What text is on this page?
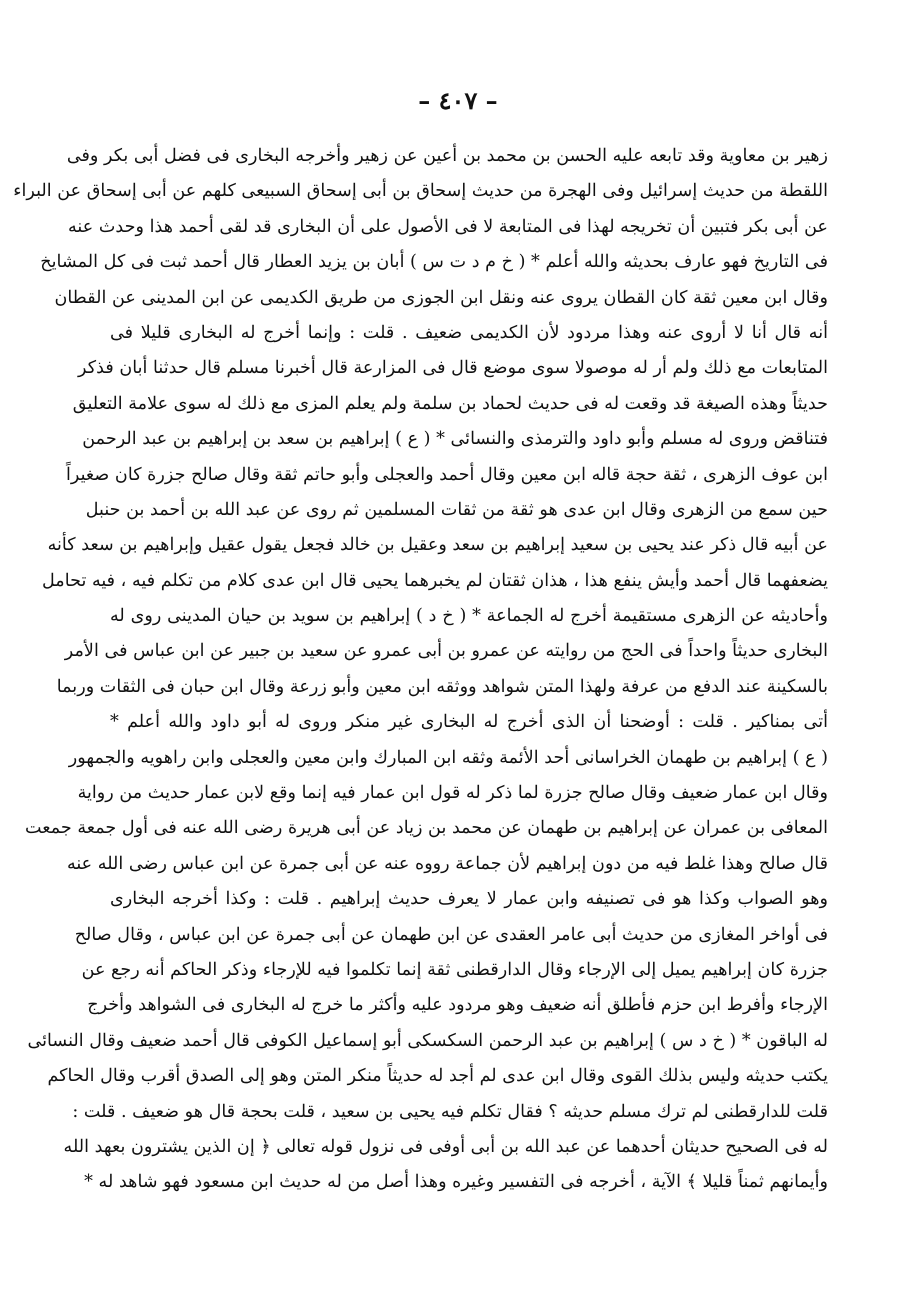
– ٤٠٧ –
زهير بن معاوية وقد تابعه عليه الحسن بن محمد بن أعين عن زهير وأخرجه البخارى فى فضل أبى بكر وفى
اللقطة من حديث إسرائيل وفى الهجرة من حديث إسحاق بن أبى إسحاق السبيعى كلهم عن أبى إسحاق عن البراء
عن أبى بكر فتبين أن تخريجه لهذا فى المتابعة لا فى الأصول على أن البخارى قد لقى أحمد هذا وحدث عنه
فى التاريخ فهو عارف بحديثه والله أعلم * ( خ م د ت س ) أبان بن يزيد العطار قال أحمد ثبت فى كل المشايخ
وقال ابن معين ثقة كان القطان يروى عنه ونقل ابن الجوزى من طريق الكديمى عن ابن المدينى عن القطان
أنه قال أنا لا أروى عنه وهذا مردود لأن الكديمى ضعيف . قلت : وإنما أخرج له البخارى قليلا فى
المتابعات مع ذلك ولم أر له موصولا سوى موضع قال فى المزارعة قال أخبرنا مسلم قال حدثنا أبان فذكر
حديثاً وهذه الصيغة قد وقعت له فى حديث لحماد بن سلمة ولم يعلم المزى مع ذلك له سوى علامة التعليق
فتناقض وروى له مسلم وأبو داود والترمذى والنسائى * ( ع ) إبراهيم بن سعد بن إبراهيم بن عبد الرحمن
ابن عوف الزهرى ، ثقة حجة قاله ابن معين وقال أحمد والعجلى وأبو حاتم ثقة وقال صالح جزرة كان صغيراً
حين سمع من الزهرى وقال ابن عدى هو ثقة من ثقات المسلمين ثم روى عن عبد الله بن أحمد بن حنبل
عن أبيه قال ذكر عند يحيى بن سعيد إبراهيم بن سعد وعقيل بن خالد فجعل يقول عقيل وإبراهيم بن سعد كأنه
يضعفهما قال أحمد وأيش ينفع هذا ، هذان ثقتان لم يخبرهما يحيى قال ابن عدى كلام من تكلم فيه ، فيه تحامل
وأحاديثه عن الزهرى مستقيمة أخرج له الجماعة * ( خ د ) إبراهيم بن سويد بن حيان المدينى روى له
البخارى حديثاً واحداً فى الحج من روايته عن عمرو بن أبى عمرو عن سعيد بن جبير عن ابن عباس فى الأمر
بالسكينة عند الدفع من عرفة ولهذا المتن شواهد ووثقه ابن معين وأبو زرعة وقال ابن حبان فى الثقات وربما
أتى بمناكير . قلت : أوضحنا أن الذى أخرج له البخارى غير منكر وروى له أبو داود والله أعلم *
( ع ) إبراهيم بن طهمان الخراسانى أحد الأئمة وثقه ابن المبارك وابن معين والعجلى وابن راهويه والجمهور
وقال ابن عمار ضعيف وقال صالح جزرة لما ذكر له قول ابن عمار فيه إنما وقع لابن عمار حديث من رواية
المعافى بن عمران عن إبراهيم بن طهمان عن محمد بن زياد عن أبى هريرة رضى الله عنه فى أول جمعة جمعت
قال صالح وهذا غلط فيه من دون إبراهيم لأن جماعة رووه عنه عن أبى جمرة عن ابن عباس رضى الله عنه
وهو الصواب وكذا هو فى تصنيفه وابن عمار لا يعرف حديث إبراهيم . قلت : وكذا أخرجه البخارى
فى أواخر المغازى من حديث أبى عامر العقدى عن ابن طهمان عن أبى جمرة عن ابن عباس ، وقال صالح
جزرة كان إبراهيم يميل إلى الإرجاء وقال الدارقطنى ثقة إنما تكلموا فيه للإرجاء وذكر الحاكم أنه رجع عن
الإرجاء وأفرط ابن حزم فأطلق أنه ضعيف وهو مردود عليه وأكثر ما خرج له البخارى فى الشواهد وأخرج
له الباقون * ( خ د س ) إبراهيم بن عبد الرحمن السكسكى أبو إسماعيل الكوفى قال أحمد ضعيف وقال النسائى
يكتب حديثه وليس بذلك القوى وقال ابن عدى لم أجد له حديثاً منكر المتن وهو إلى الصدق أقرب وقال الحاكم
قلت للدارقطنى لم ترك مسلم حديثه ؟ فقال تكلم فيه يحيى بن سعيد ، قلت بحجة قال هو ضعيف . قلت :
له فى الصحيح حديثان أحدهما عن عبد الله بن أبى أوفى فى نزول قوله تعالى ﴿ إن الذين يشترون بعهد الله
وأيمانهم ثمناً قليلا ﴾ الآية ، أخرجه فى التفسير وغيره وهذا أصل من له حديث ابن مسعود فهو شاهد له *
